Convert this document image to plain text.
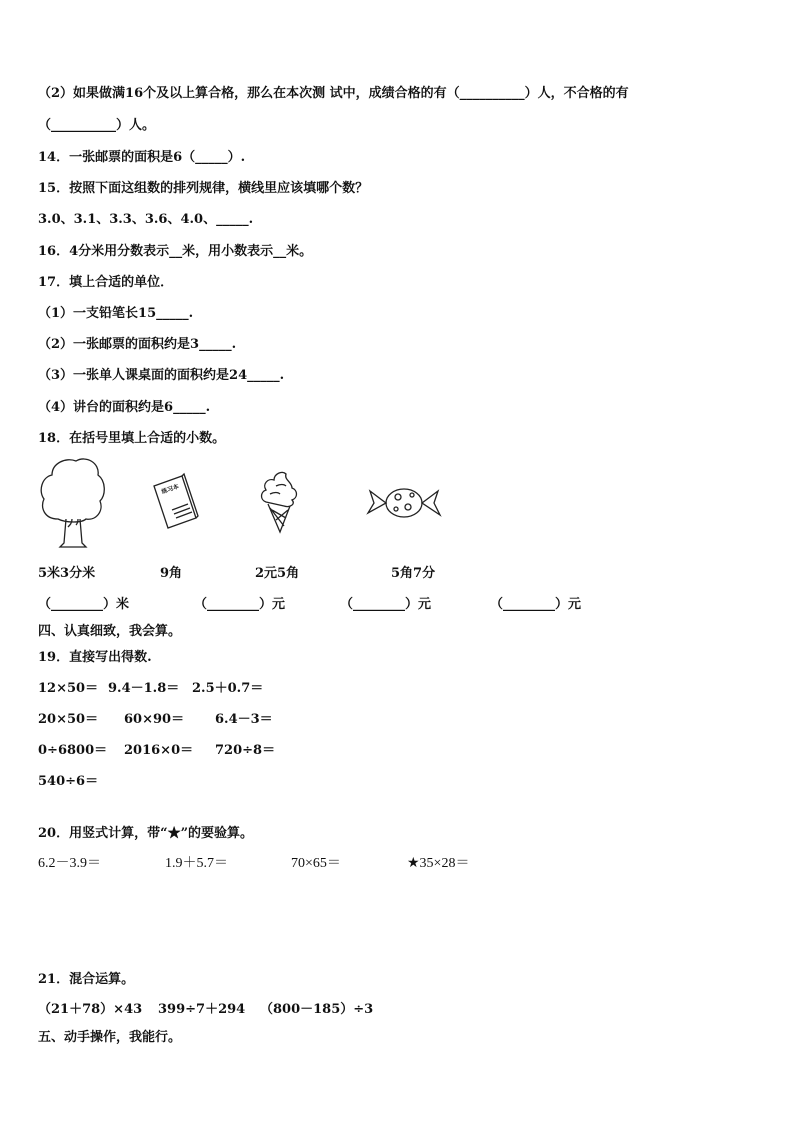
（2）如果做满16个及以上算合格，那么在本次测 试中，成绩合格的有（__________）人，不合格的有
（__________）人。
14．一张邮票的面积是6（_____）.
15．按照下面这组数的排列规律，横线里应该填哪个数？
3.0、3.1、3.3、3.6、4.0、_____.
16．4分米用分数表示__米，用小数表示__米。
17．填上合适的单位．
（1）一支铅笔长15_____.
（2）一张邮票的面积约是3_____.
（3）一张单人课桌面的面积约是24_____.
（4）讲台的面积约是6_____.
18．在括号里填上合适的小数。
练习本
5米3分米	9角	2元5角	5角7分
（________）米	（________）元	（________）元	（________）元
四、认真细致，我会算。
19．直接写出得数.
12×50＝ 9.4－1.8＝ 2.5＋0.7＝
20×50＝ 60×90＝ 6.4－3＝
0÷6800＝ 2016×0＝ 720÷8＝
540÷6＝
20．用竖式计算，带“★”的要验算。
6.2－3.9＝	1.9＋5.7＝	70×65＝	★35×28＝
21．混合运算。
（21＋78）×43 399÷7＋294 （800－185）÷3
五、动手操作，我能行。
